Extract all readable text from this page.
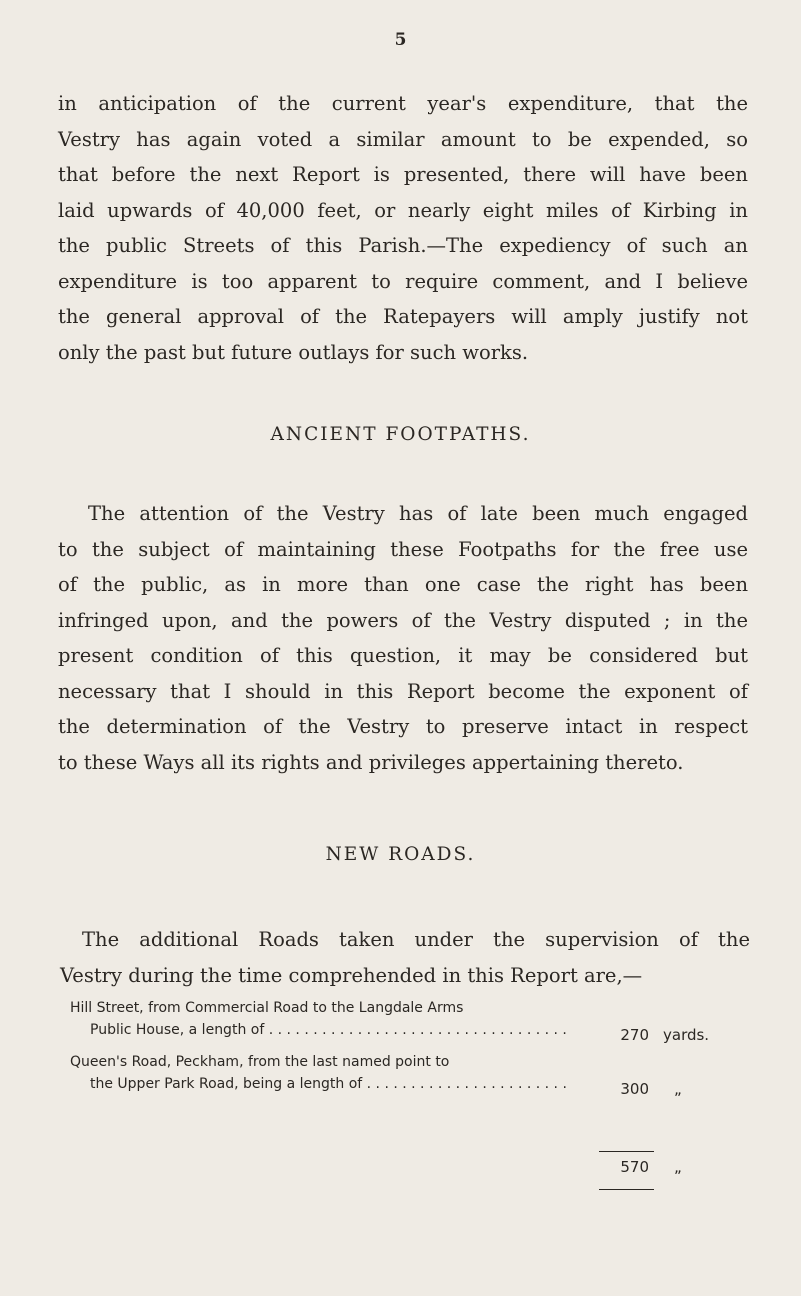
5

in anticipation of the current year's expenditure, that the
Vestry has again voted a similar amount to be expended, so
that before the next Report is presented, there will have been
laid upwards of 40,000 feet, or nearly eight miles of Kirbing in
the public Streets of this Parish.—The expediency of such an
expenditure is too apparent to require comment, and I believe
the general approval of the Ratepayers will amply justify not
only the past but future outlays for such works.

ANCIENT FOOTPATHS.

The attention of the Vestry has of late been much engaged
to the subject of maintaining these Footpaths for the free use
of the public, as in more than one case the right has been
infringed upon, and the powers of the Vestry disputed ; in the
present condition of this question, it may be considered but
necessary that I should in this Report become the exponent of
the determination of the Vestry to preserve intact in respect
to these Ways all its rights and privileges appertaining thereto.

NEW ROADS.

The additional Roads taken under the supervision of the
Vestry during the time comprehended in this Report are,—

Hill Street, from Commercial Road to the Langdale Arms
Public House, a length of . . .	270 yards.
Queen's Road, Peckham, from the last named point to
the Upper Park Road, being a length of . . .	300 „
570 „
